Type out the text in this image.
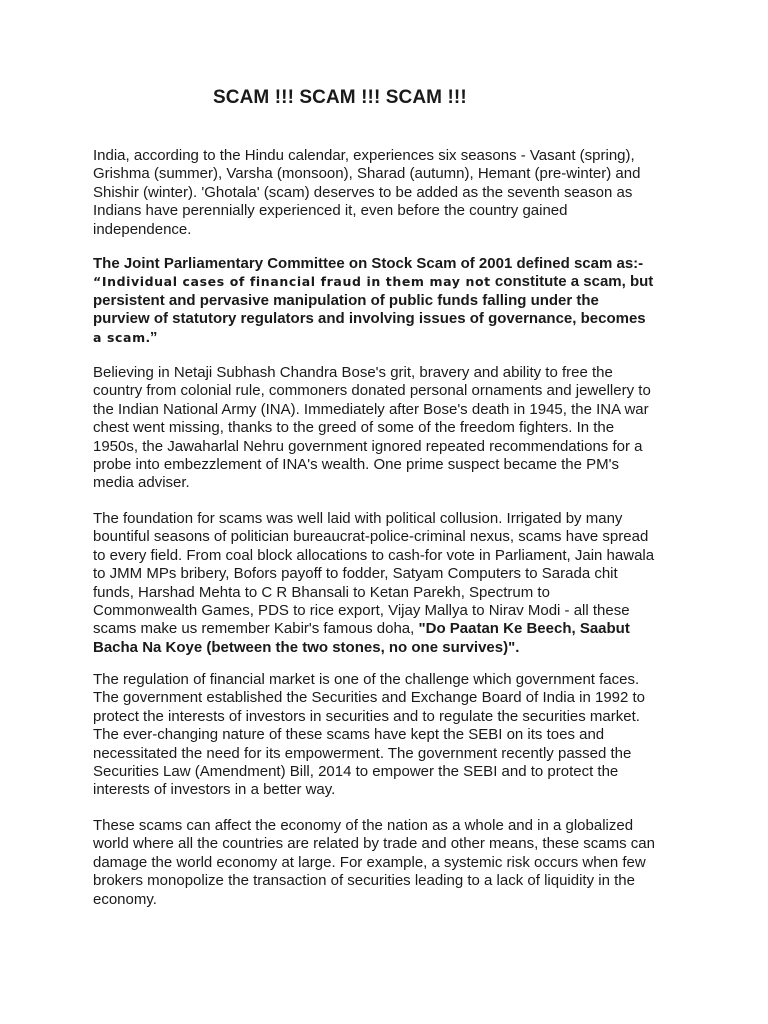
SCAM !!! SCAM !!! SCAM !!!

India, according to the Hindu calendar, experiences six seasons - Vasant (spring),
Grishma (summer), Varsha (monsoon), Sharad (autumn), Hemant (pre-winter) and
Shishir (winter). 'Ghotala' (scam) deserves to be added as the seventh season as
Indians have perennially experienced it, even before the country gained
independence.

The Joint Parliamentary Committee on Stock Scam of 2001 defined scam as:-
“Individual cases of financial fraud in them may not constitute a scam, but
persistent and pervasive manipulation of public funds falling under the
purview of statutory regulators and involving issues of governance, becomes
a scam.”

Believing in Netaji Subhash Chandra Bose's grit, bravery and ability to free the
country from colonial rule, commoners donated personal ornaments and jewellery to
the Indian National Army (INA). Immediately after Bose's death in 1945, the INA war
chest went missing, thanks to the greed of some of the freedom fighters. In the
1950s, the Jawaharlal Nehru government ignored repeated recommendations for a
probe into embezzlement of INA's wealth. One prime suspect became the PM's
media adviser.

The foundation for scams was well laid with political collusion. Irrigated by many
bountiful seasons of politician bureaucrat-police-criminal nexus, scams have spread
to every field. From coal block allocations to cash-for vote in Parliament, Jain hawala
to JMM MPs bribery, Bofors payoff to fodder, Satyam Computers to Sarada chit
funds, Harshad Mehta to C R Bhansali to Ketan Parekh, Spectrum to
Commonwealth Games, PDS to rice export, Vijay Mallya to Nirav Modi - all these
scams make us remember Kabir's famous doha, "Do Paatan Ke Beech, Saabut
Bacha Na Koye (between the two stones, no one survives)".

The regulation of financial market is one of the challenge which government faces.
The government established the Securities and Exchange Board of India in 1992 to
protect the interests of investors in securities and to regulate the securities market.
The ever-changing nature of these scams have kept the SEBI on its toes and
necessitated the need for its empowerment. The government recently passed the
Securities Law (Amendment) Bill, 2014 to empower the SEBI and to protect the
interests of investors in a better way.

These scams can affect the economy of the nation as a whole and in a globalized
world where all the countries are related by trade and other means, these scams can
damage the world economy at large. For example, a systemic risk occurs when few
brokers monopolize the transaction of securities leading to a lack of liquidity in the
economy.
